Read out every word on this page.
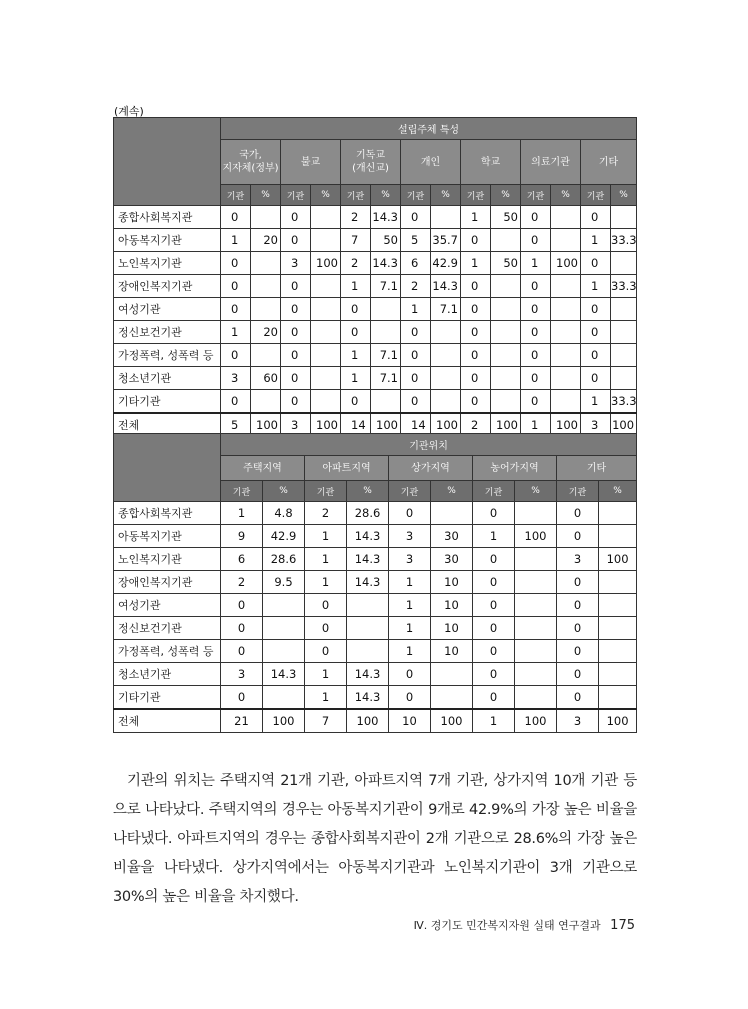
(계속)
	설립주체 특성													
	국가,
지자체(정부)		불교		기독교
(개신교)		개인		학교		의료기관		기타	
	기관	%	기관	%	기관	%	기관	%	기관	%	기관	%	기관	%
종합사회복지관	0		0		2	14.3	0		1	50	0		0	
아동복지기관	1	20	0		7	50	5	35.7	0		0		1	33.3
노인복지기관	0		3	100	2	14.3	6	42.9	1	50	1	100	0	
장애인복지기관	0		0		1	7.1	2	14.3	0		0		1	33.3
여성기관	0		0		0		1	7.1	0		0		0	
정신보건기관	1	20	0		0		0		0		0		0	
가정폭력, 성폭력 등	0		0		1	7.1	0		0		0		0	
청소년기관	3	60	0		1	7.1	0		0		0		0	
기타기관	0		0		0		0		0		0		1	33.3
전체	5	100	3	100	14	100	14	100	2	100	1	100	3	100
	기관위치									
	주택지역		아파트지역		상가지역		농어가지역		기타	
	기관	%	기관	%	기관	%	기관	%	기관	%
종합사회복지관	1	4.8	2	28.6	0		0		0	
아동복지기관	9	42.9	1	14.3	3	30	1	100	0	
노인복지기관	6	28.6	1	14.3	3	30	0		3	100
장애인복지기관	2	9.5	1	14.3	1	10	0		0	
여성기관	0		0		1	10	0		0	
정신보건기관	0		0		1	10	0		0	
가정폭력, 성폭력 등	0		0		1	10	0		0	
청소년기관	3	14.3	1	14.3	0		0		0	
기타기관	0		1	14.3	0		0		0	
전체	21	100	7	100	10	100	1	100	3	100
기관의 위치는 주택지역 21개 기관, 아파트지역 7개 기관, 상가지역 10개 기관 등으로 나타났다. 주택지역의 경우는 아동복지기관이 9개로 42.9%의 가장 높은 비율을 나타냈다. 아파트지역의 경우는 종합사회복지관이 2개 기관으로 28.6%의 가장 높은 비율을 나타냈다. 상가지역에서는 아동복지기관과 노인복지기관이 3개 기관으로 30%의 높은 비율을 차지했다.
Ⅳ. 경기도 민간복지자원 실태 연구결과 175
